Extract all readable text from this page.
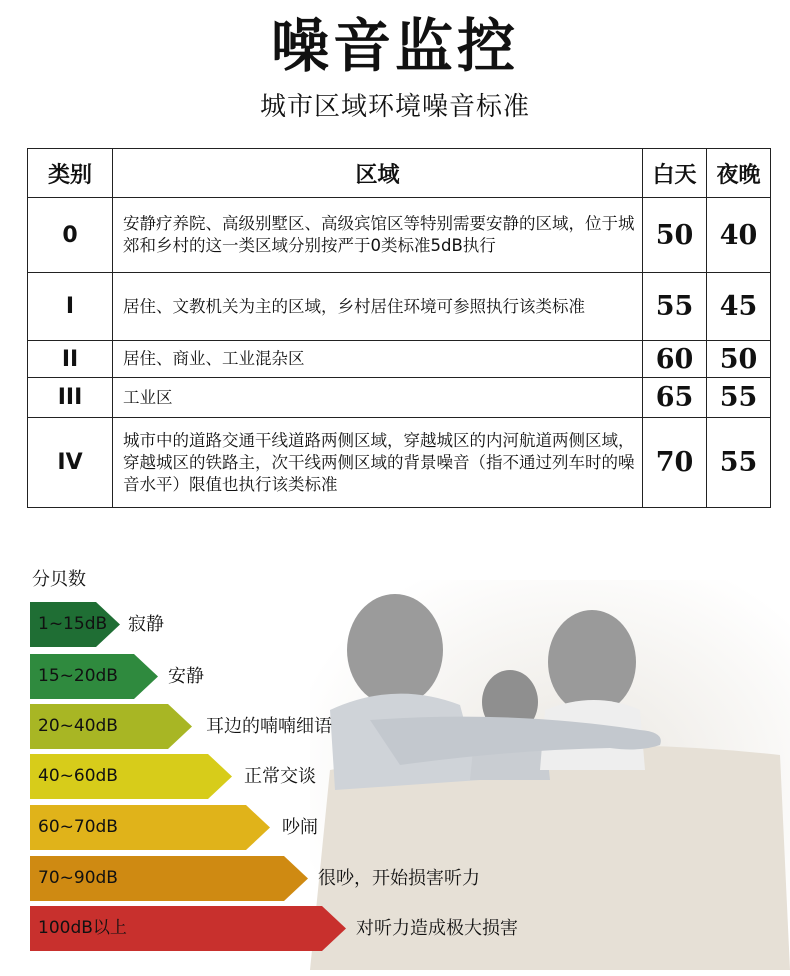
噪音监控
城市区域环境噪音标准
类别	区域	白天	夜晚
0	安静疗养院、高级别墅区、高级宾馆区等特别需要安静的区域，位于城郊和乡村的这一类区域分别按严于0类标准5dB执行	50	40
I	居住、文教机关为主的区域，乡村居住环境可参照执行该类标准	55	45
II	居住、商业、工业混杂区	60	50
III	工业区	65	55
IV	城市中的道路交通干线道路两侧区域，穿越城区的内河航道两侧区域，穿越城区的铁路主，次干线两侧区域的背景噪音（指不通过列车时的噪音水平）限值也执行该类标准	70	55
分贝数
1~15dB 寂静
15~20dB	安静
20~40dB	耳边的喃喃细语
40~60dB	正常交谈
60~70dB	吵闹
70~90dB	很吵，开始损害听力
100dB以上	对听力造成极大损害
